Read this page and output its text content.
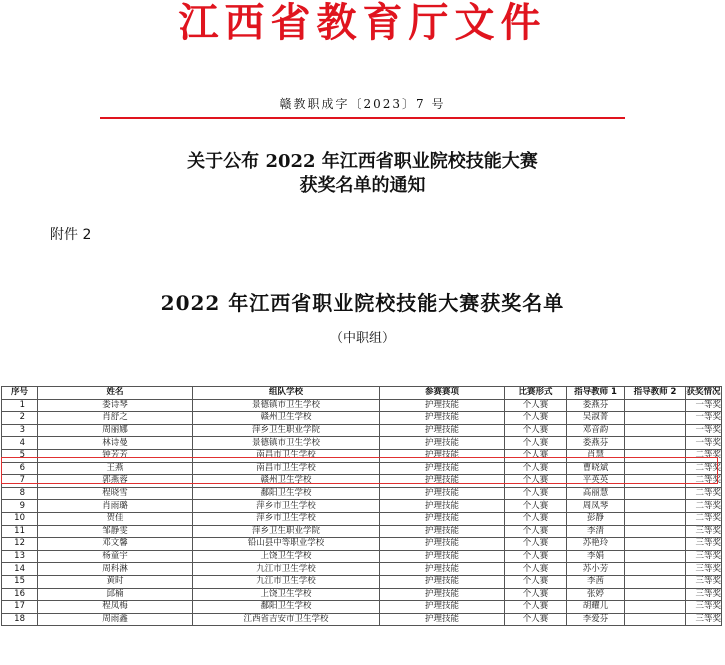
江西省教育厅文件
赣教职成字〔2023〕7 号
关于公布 2022 年江西省职业院校技能大赛
获奖名单的通知
附件 2
2022 年江西省职业院校技能大赛获奖名单
（中职组）
序号	姓名	组队学校	参赛赛项	比赛形式	指导教师 1	指导教师 2	获奖情况
1	娄诗琴	景德镇市卫生学校	护理技能	个人赛	娄燕芬		一等奖
2	肖舒之	赣州卫生学校	护理技能	个人赛	吴淑菁		一等奖
3	周丽娜	萍乡卫生职业学院	护理技能	个人赛	邓音韵		一等奖
4	林诗曼	景德镇市卫生学校	护理技能	个人赛	娄燕芬		一等奖
5	钟芳芳	南昌市卫生学校	护理技能	个人赛	肖慧		二等奖
6	王燕	南昌市卫生学校	护理技能	个人赛	曹晓斌		二等奖
7	郭燕蓉	赣州卫生学校	护理技能	个人赛	平英英		二等奖
8	程晓雪	鄱阳卫生学校	护理技能	个人赛	高丽慧		二等奖
9	肖雨璐	萍乡市卫生学校	护理技能	个人赛	周凤琴		二等奖
10	贺佳	萍乡市卫生学校	护理技能	个人赛	彭静		二等奖
11	邹静雯	萍乡卫生职业学院	护理技能	个人赛	李清		三等奖
12	邓文馨	铅山县中等职业学校	护理技能	个人赛	苏艳玲		三等奖
13	杨童宇	上饶卫生学校	护理技能	个人赛	李娟		三等奖
14	周科淋	九江市卫生学校	护理技能	个人赛	苏小芳		三等奖
15	黄时	九江市卫生学校	护理技能	个人赛	李茜		三等奖
16	邱楠	上饶卫生学校	护理技能	个人赛	张婷		三等奖
17	程凤梅	鄱阳卫生学校	护理技能	个人赛	胡耀儿		三等奖
18	周雨鑫	江西省吉安市卫生学校	护理技能	个人赛	李爱芬		三等奖
